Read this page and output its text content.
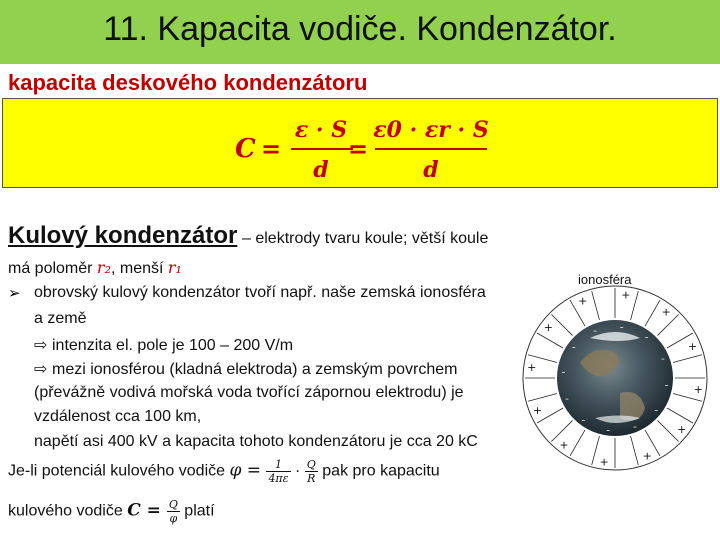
11. Kapacita vodiče. Kondenzátor.
kapacita deskového kondenzátoru
C =
ε · S
d
=
ε0 · εr · S
d
Kulový kondenzátor – elektrody tvaru koule; větší koule
má poloměr r₂, menší r₁
➢ obrovský kulový kondenzátor tvoří např. naše zemská ionosféra
a země
⇨ intenzita el. pole je 100 – 200 V/m
⇨ mezi ionosférou (kladná elektroda) a zemským povrchem
(převážně vodivá mořská voda tvořící zápornou elektrodu) je
vzdálenost cca 100 km,
napětí asi 400 kV a kapacita tohoto kondenzátoru je cca 20 kC
Je-li potenciál kulového vodiče $\varphi = \frac{1}{4\pi\varepsilon} \cdot \frac{Q}{R}$ pak pro kapacitu
kulového vodiče $C = \frac{Q}{\varphi}$ platí
ionosféra
+
+
+
+
+
+
+
+
+	+
+
+
-
-
-
-
-
-
-
-
- -
-
-
